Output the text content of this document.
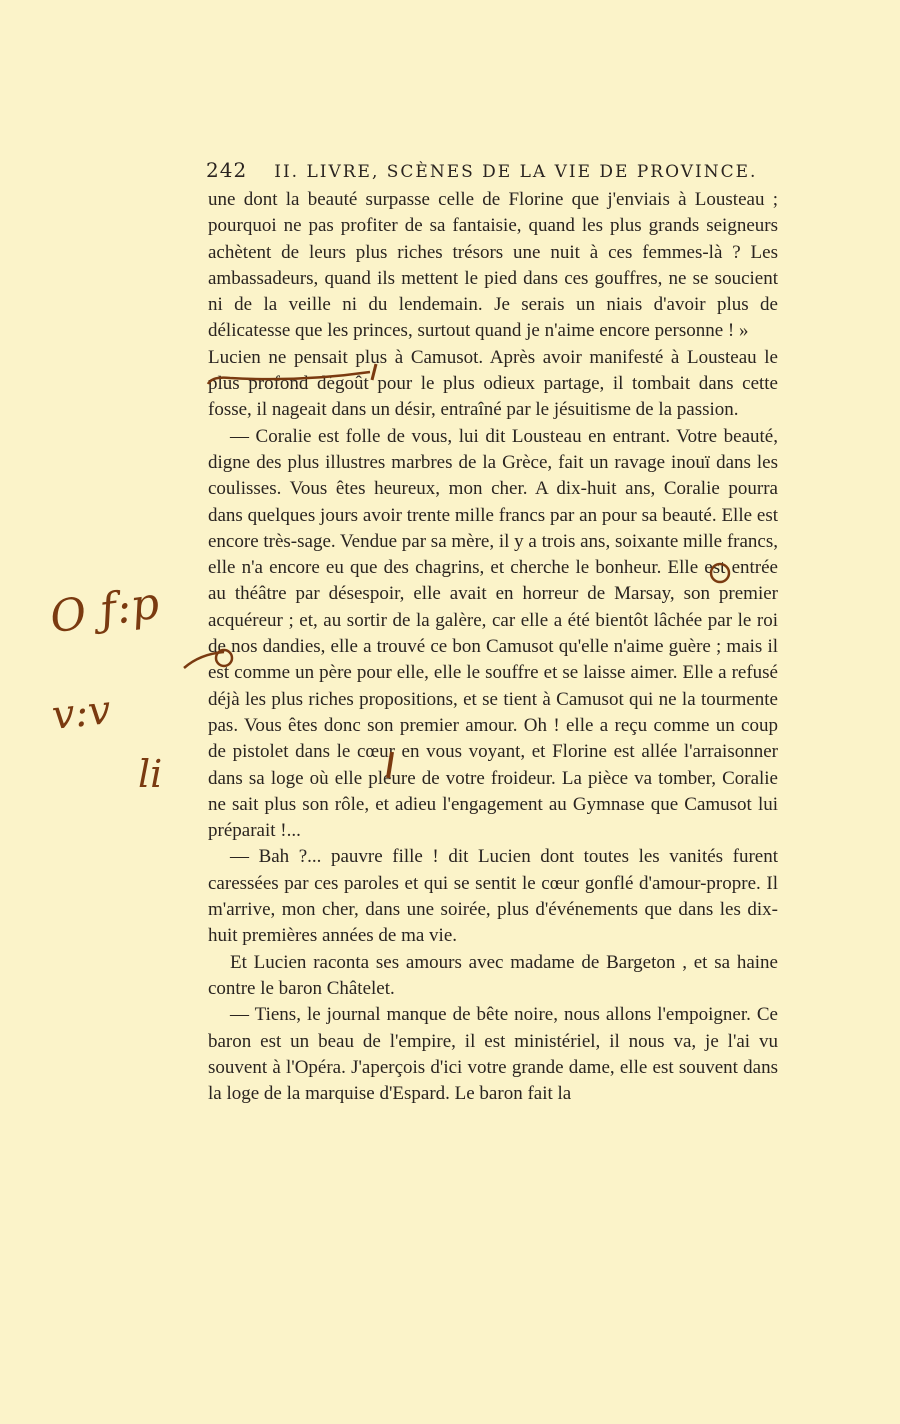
242 II. LIVRE, SCÈNES DE LA VIE DE PROVINCE.

une dont la beauté surpasse celle de Florine que j'enviais à Lousteau ; pourquoi ne pas profiter de sa fantaisie, quand les plus grands seigneurs achètent de leurs plus riches trésors une nuit à ces femmes-là ? Les ambassadeurs, quand ils mettent le pied dans ces gouffres, ne se soucient ni de la veille ni du lendemain. Je serais un niais d'avoir plus de délicatesse que les princes, surtout quand je n'aime encore personne ! »

Lucien ne pensait plus à Camusot. Après avoir manifesté à Lousteau le plus profond dégoût pour le plus odieux partage, il tombait dans cette fosse, il nageait dans un désir, entraîné par le jésuitisme de la passion.

— Coralie est folle de vous, lui dit Lousteau en entrant. Votre beauté, digne des plus illustres marbres de la Grèce, fait un ravage inouï dans les coulisses. Vous êtes heureux, mon cher. A dix-huit ans, Coralie pourra dans quelques jours avoir trente mille francs par an pour sa beauté. Elle est encore très-sage. Vendue par sa mère, il y a trois ans, soixante mille francs, elle n'a encore eu que des chagrins, et cherche le bonheur. Elle est entrée au théâtre par désespoir, elle avait en horreur de Marsay, son premier acquéreur ; et, au sortir de la galère, car elle a été bientôt lâchée par le roi de nos dandies, elle a trouvé ce bon Camusot qu'elle n'aime guère ; mais il est comme un père pour elle, elle le souffre et se laisse aimer. Elle a refusé déjà les plus riches propositions, et se tient à Camusot qui ne la tourmente pas. Vous êtes donc son premier amour. Oh ! elle a reçu comme un coup de pistolet dans le cœur en vous voyant, et Florine est allée l'arraisonner dans sa loge où elle pleure de votre froideur. La pièce va tomber, Coralie ne sait plus son rôle, et adieu l'engagement au Gymnase que Camusot lui préparait !...

— Bah ?... pauvre fille ! dit Lucien dont toutes les vanités furent caressées par ces paroles et qui se sentit le cœur gonflé d'amour-propre. Il m'arrive, mon cher, dans une soirée, plus d'événements que dans les dix-huit premières années de ma vie.

Et Lucien raconta ses amours avec madame de Bargeton , et sa haine contre le baron Châtelet.

— Tiens, le journal manque de bête noire, nous allons l'empoigner. Ce baron est un beau de l'empire, il est ministériel, il nous va, je l'ai vu souvent à l'Opéra. J'aperçois d'ici votre grande dame, elle est souvent dans la loge de la marquise d'Espard. Le baron fait la

O ƒ:p
v:v
li
